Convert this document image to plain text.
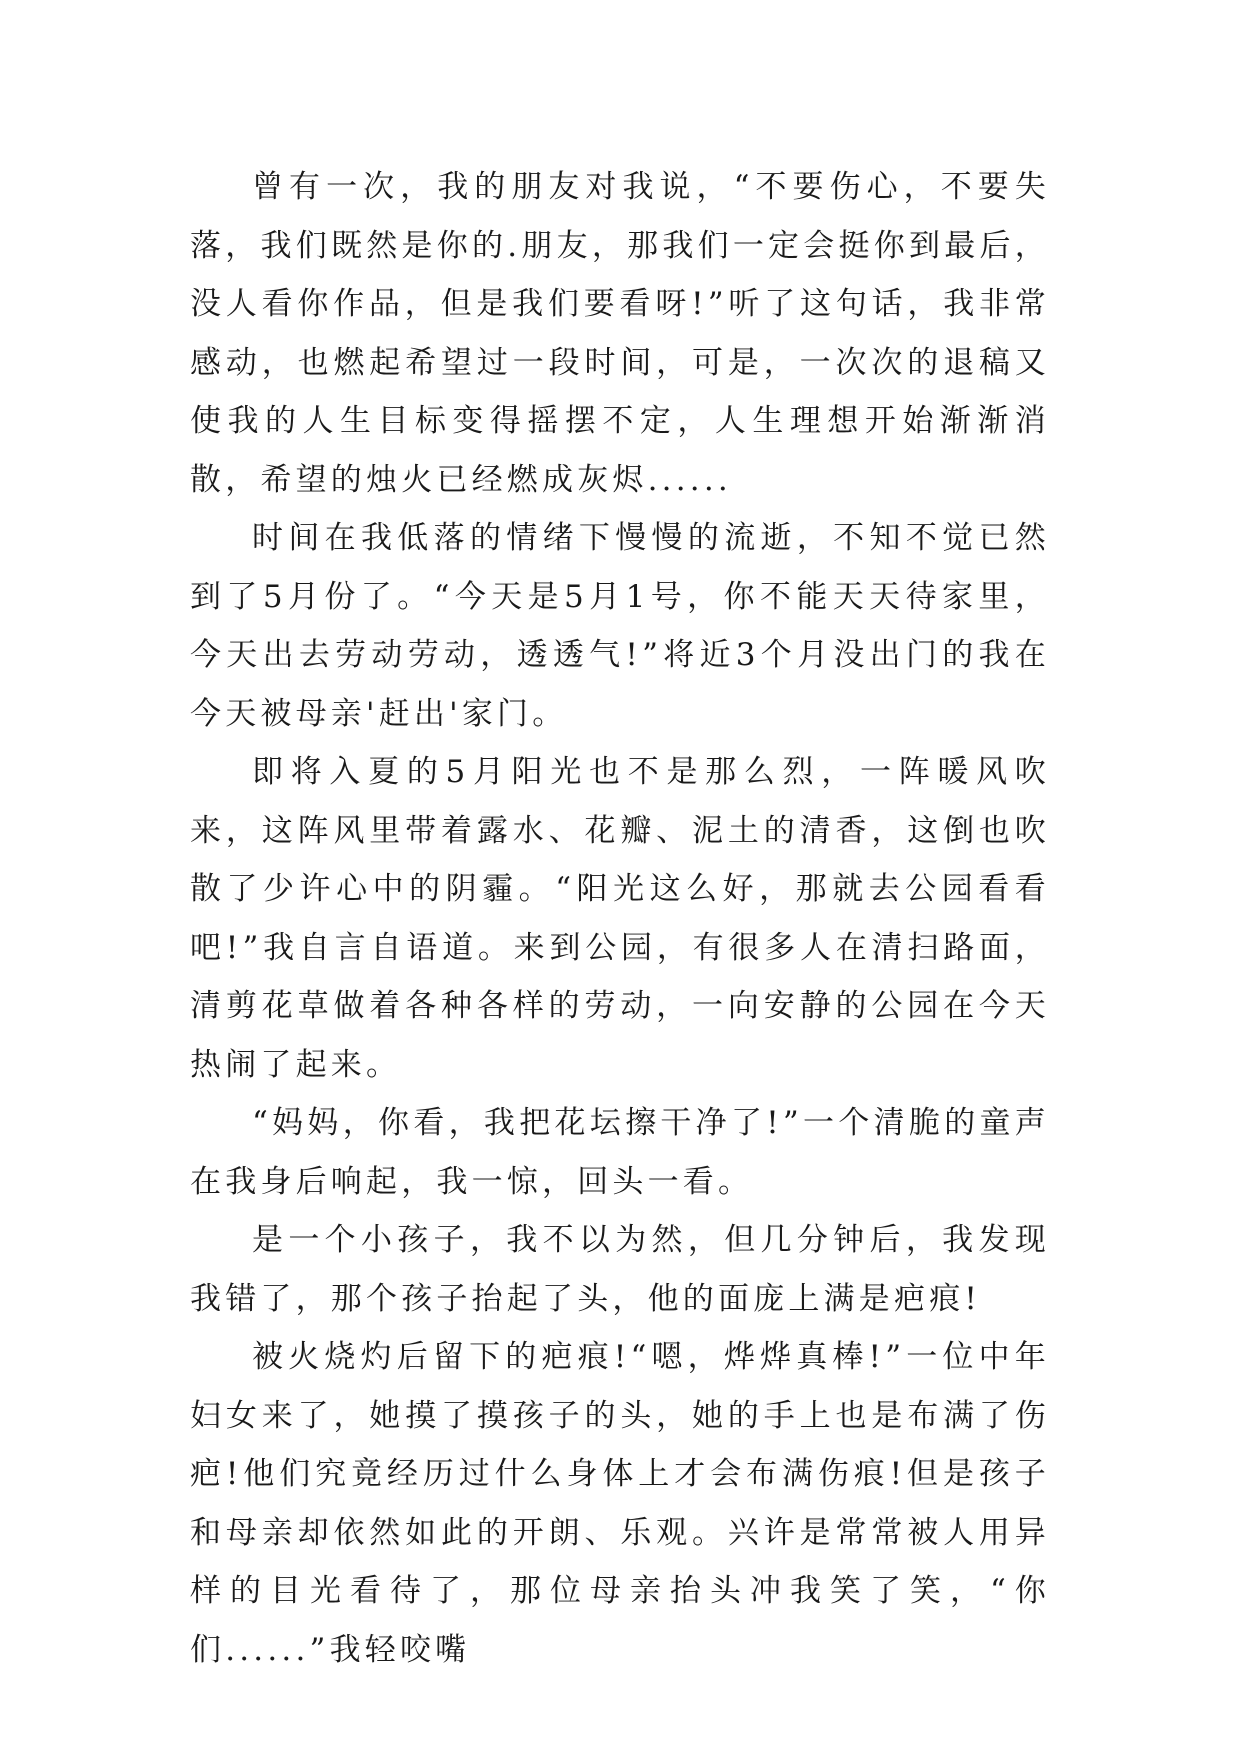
曾有一次，我的朋友对我说，“不要伤心，不要失落，我们既然是你的.朋友，那我们一定会挺你到最后，没人看你作品，但是我们要看呀!”听了这句话，我非常感动，也燃起希望过一段时间，可是，一次次的退稿又使我的人生目标变得摇摆不定，人生理想开始渐渐消散，希望的烛火已经燃成灰烬......

时间在我低落的情绪下慢慢的流逝，不知不觉已然到了5月份了。“今天是5月1号，你不能天天待家里，今天出去劳动劳动，透透气!”将近3个月没出门的我在今天被母亲'赶出'家门。

即将入夏的5月阳光也不是那么烈，一阵暖风吹来，这阵风里带着露水、花瓣、泥土的清香，这倒也吹散了少许心中的阴霾。“阳光这么好，那就去公园看看吧!”我自言自语道。来到公园，有很多人在清扫路面，清剪花草做着各种各样的劳动，一向安静的公园在今天热闹了起来。

“妈妈，你看，我把花坛擦干净了!”一个清脆的童声在我身后响起，我一惊，回头一看。

是一个小孩子，我不以为然，但几分钟后，我发现我错了，那个孩子抬起了头，他的面庞上满是疤痕!

被火烧灼后留下的疤痕!“嗯，烨烨真棒!”一位中年妇女来了，她摸了摸孩子的头，她的手上也是布满了伤疤!他们究竟经历过什么身体上才会布满伤痕!但是孩子和母亲却依然如此的开朗、乐观。兴许是常常被人用异样的目光看待了，那位母亲抬头冲我笑了笑，“你们......”我轻咬嘴
